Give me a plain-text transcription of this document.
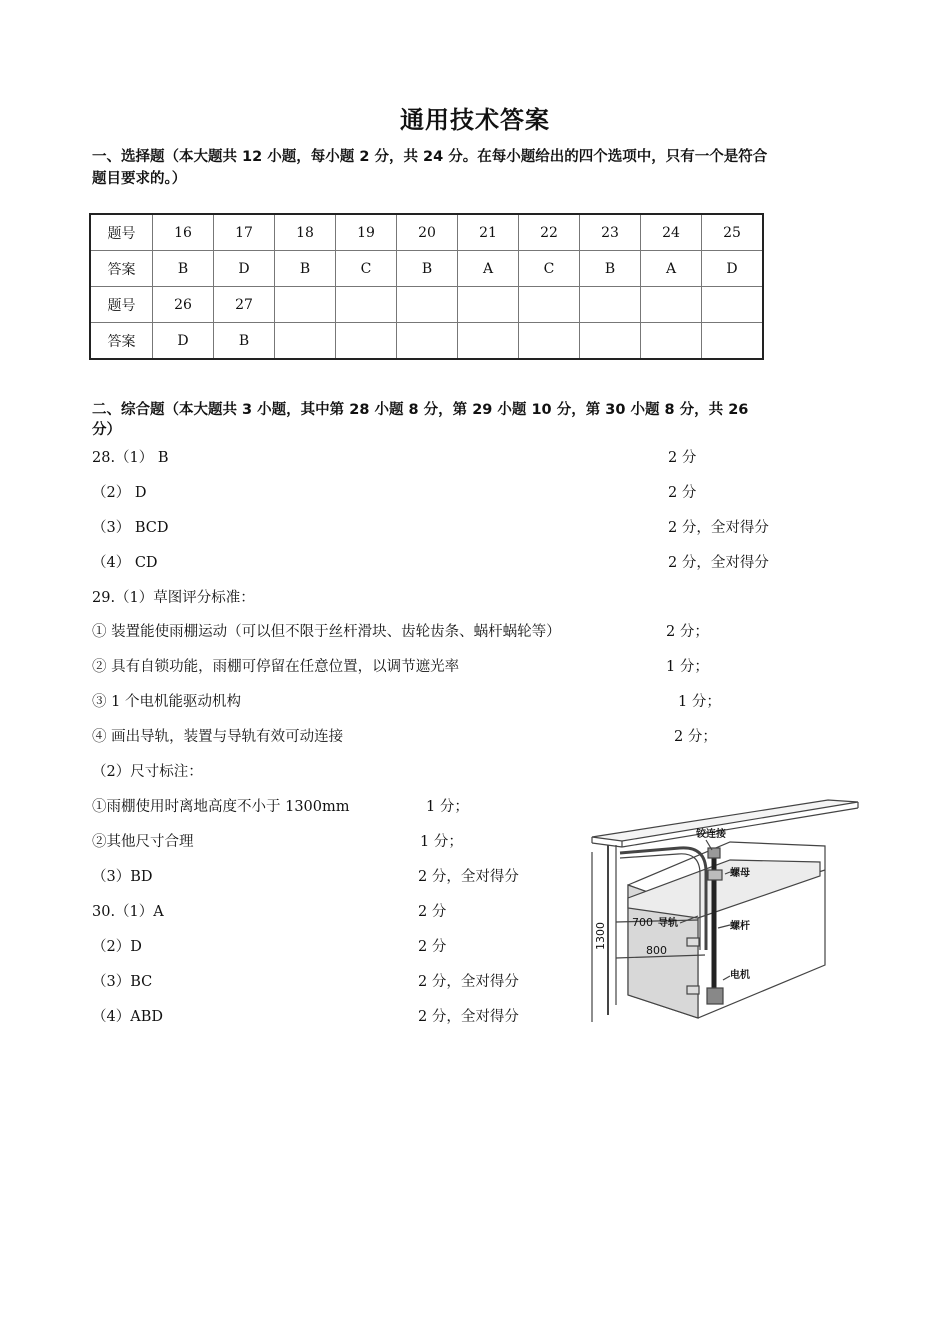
通用技术答案
一、选择题（本大题共 12 小题，每小题 2 分，共 24 分。在每小题给出的四个选项中，只有一个是符合
题目要求的。）
题号	16	17	18	19	20	21	22	23	24	25
答案	B	D	B	C	B	A	C	B	A	D
题号	26	27								
答案	D	B								
二、综合题（本大题共 3 小题，其中第 28 小题 8 分，第 29 小题 10 分，第 30 小题 8 分，共 26
分）
28.（1） B	2 分
（2） D	2 分
（3） BCD	2 分，全对得分
（4） CD	2 分，全对得分
29.（1）草图评分标准：
① 装置能使雨棚运动（可以但不限于丝杆滑块、齿轮齿条、蜗杆蜗轮等）	2 分；
② 具有自锁功能，雨棚可停留在任意位置，以调节遮光率	1 分；
③ 1 个电机能驱动机构	1 分；
④ 画出导轨，装置与导轨有效可动连接	2 分；
（2）尺寸标注：
①雨棚使用时离地高度不小于 1300mm	1 分；
②其他尺寸合理	1 分；
（3）BD	2 分，全对得分
30.（1）A	2 分
（2）D	2 分
（3）BC	2 分，全对得分
（4）ABD	2 分，全对得分
铰连接
螺母
螺杆
导轨
电机
700
800
1300
